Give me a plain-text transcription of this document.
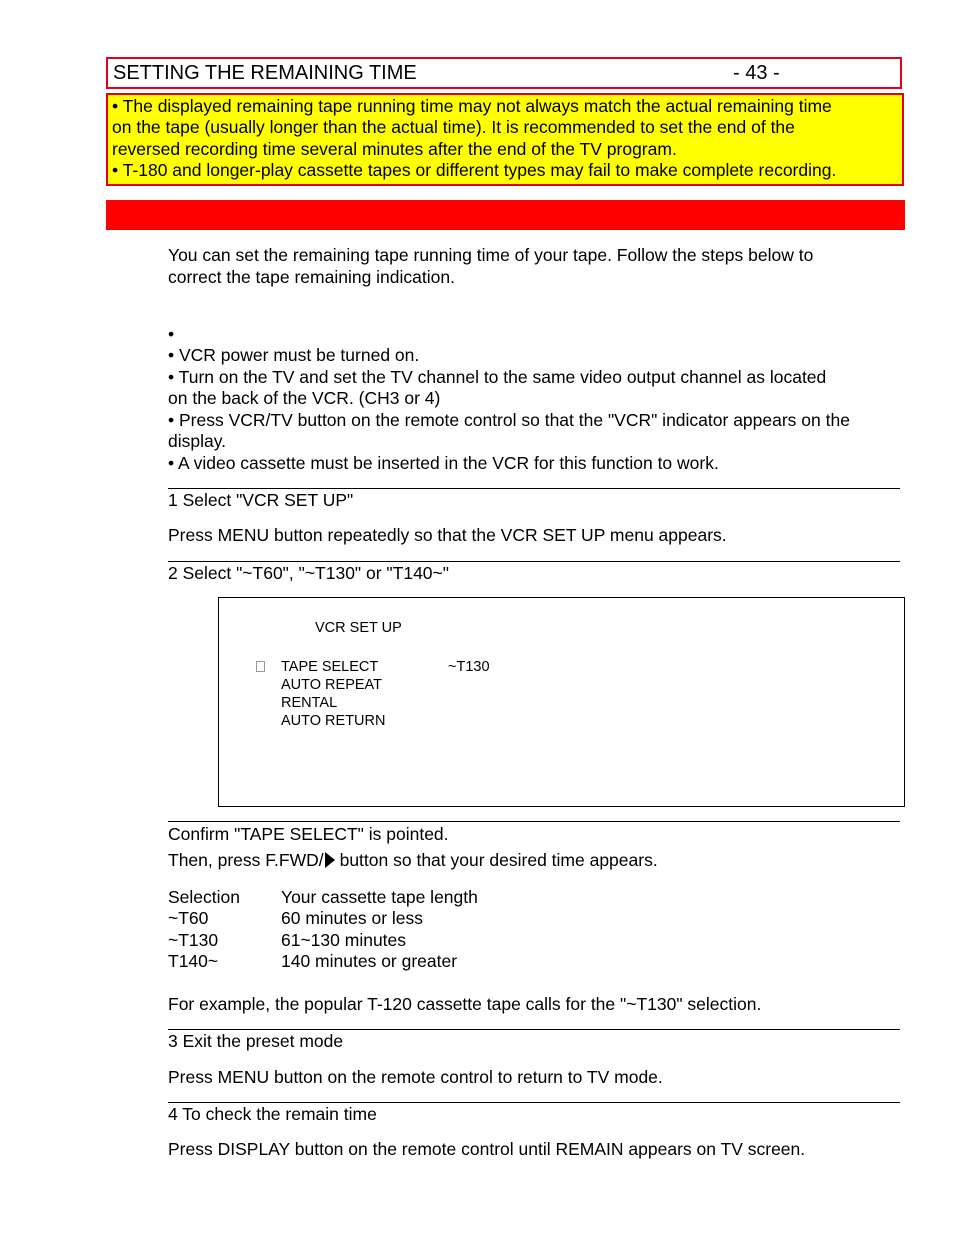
SETTING THE REMAINING TIME	- 43 -
• The displayed remaining tape running time may not always match the actual remaining time
on the tape (usually longer than the actual time). It is recommended to set the end of the
reversed recording time several minutes after the end of the TV program.
• T-180 and longer-play cassette tapes or different types may fail to make complete recording.
You can set the remaining tape running time of your tape. Follow the steps below to
correct the tape remaining indication.
•
• VCR power must be turned on.
• Turn on the TV and set the TV channel to the same video output channel as located
on the back of the VCR. (CH3 or 4)
• Press VCR/TV button on the remote control so that the "VCR" indicator appears on the
display.
• A video cassette must be inserted in the VCR for this function to work.
1 Select "VCR SET UP"
Press MENU button repeatedly so that the VCR SET UP menu appears.
2 Select "~T60", "~T130" or "T140~"
VCR SET UP
TAPE SELECT	~T130
AUTO REPEAT
RENTAL
AUTO RETURN
Confirm "TAPE SELECT" is pointed.
Then, press F.FWD/ button so that your desired time appears.
Selection Your cassette tape length
~T60	60 minutes or less
~T130	61~130 minutes
T140~	140 minutes or greater
For example, the popular T-120 cassette tape calls for the "~T130" selection.
3 Exit the preset mode
Press MENU button on the remote control to return to TV mode.
4 To check the remain time
Press DISPLAY button on the remote control until REMAIN appears on TV screen.
